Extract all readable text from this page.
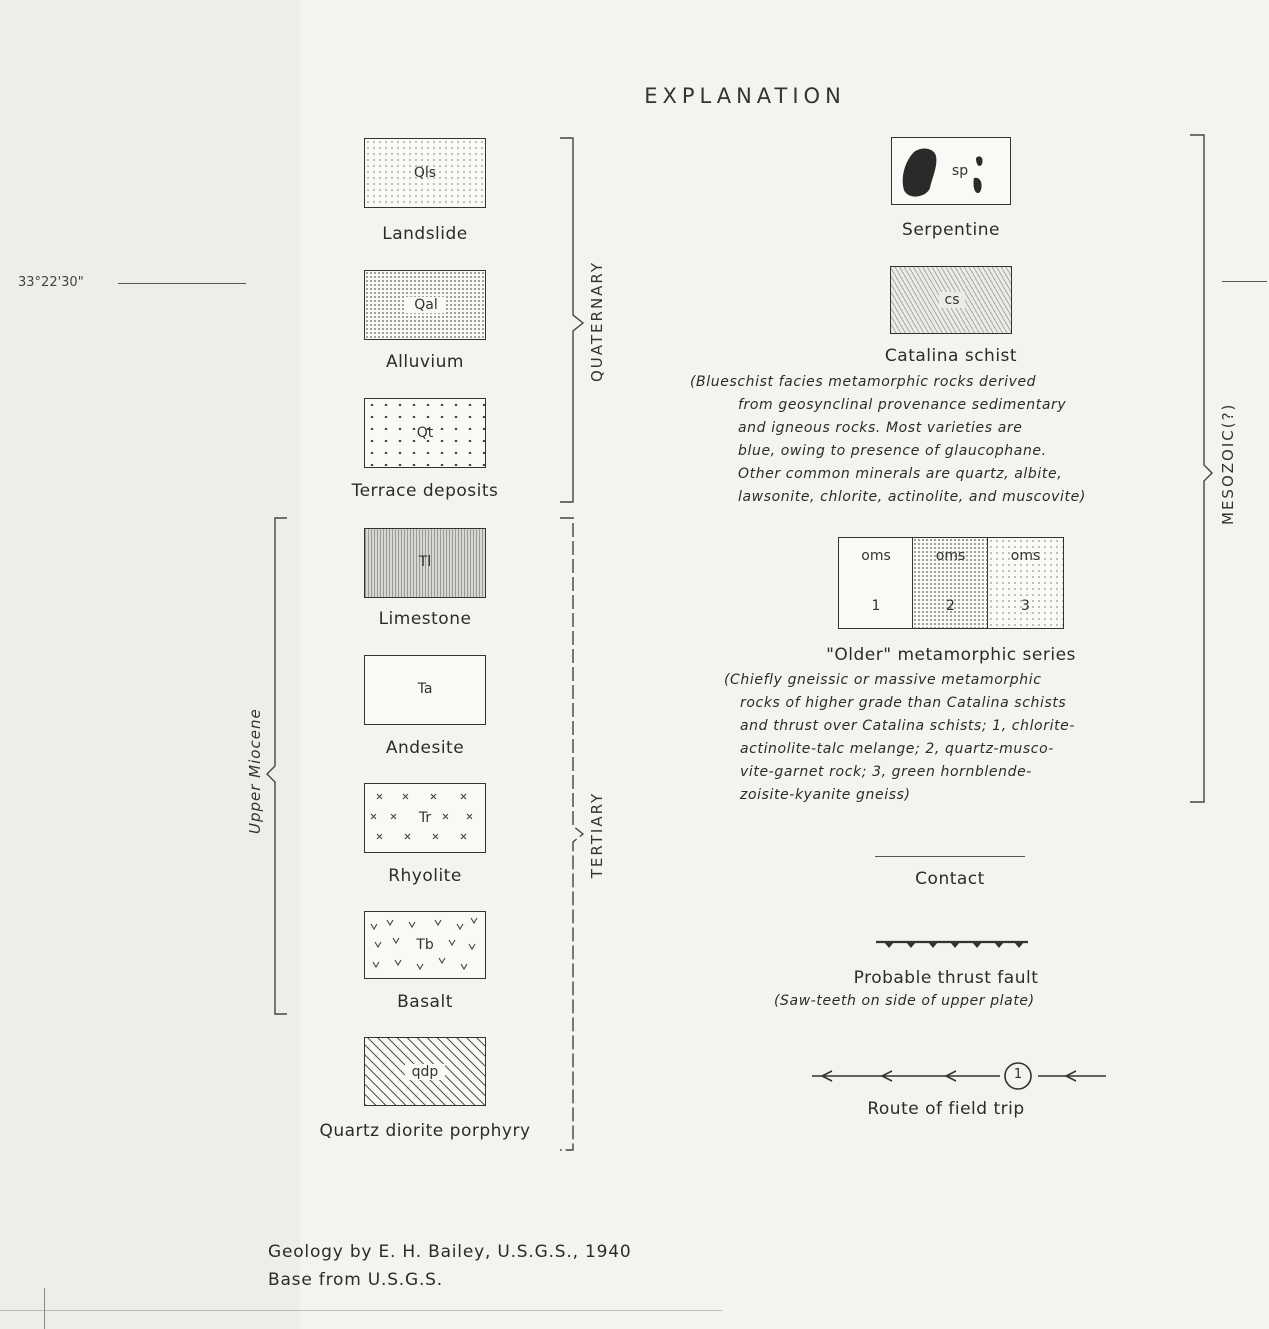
EXPLANATION
33°22'30"
Qls
Landslide
Qal
Alluvium
Qt
Terrace deposits
Tl
Limestone
Ta
Andesite
Tr
Rhyolite
Tb
Basalt
qdp
Quartz diorite porphyry
QUATERNARY
TERTIARY
Upper Miocene
sp
Serpentine
cs
Catalina schist
(Blueschist facies metamorphic rocks derived
from geosynclinal provenance sedimentary
and igneous rocks. Most varieties are
blue, owing to presence of glaucophane.
Other common minerals are quartz, albite,
lawsonite, chlorite, actinolite, and muscovite)
oms
1
oms
2
oms
3
"Older" metamorphic series
(Chiefly gneissic or massive metamorphic
rocks of higher grade than Catalina schists
and thrust over Catalina schists; 1, chlorite-
actinolite-talc melange; 2, quartz-musco-
vite-garnet rock; 3, green hornblende-
zoisite-kyanite gneiss)
MESOZOIC(?)
Contact
Probable thrust fault
(Saw-teeth on side of upper plate)
1
Route of field trip
Geology by E. H. Bailey, U.S.G.S., 1940
Base from U.S.G.S.
